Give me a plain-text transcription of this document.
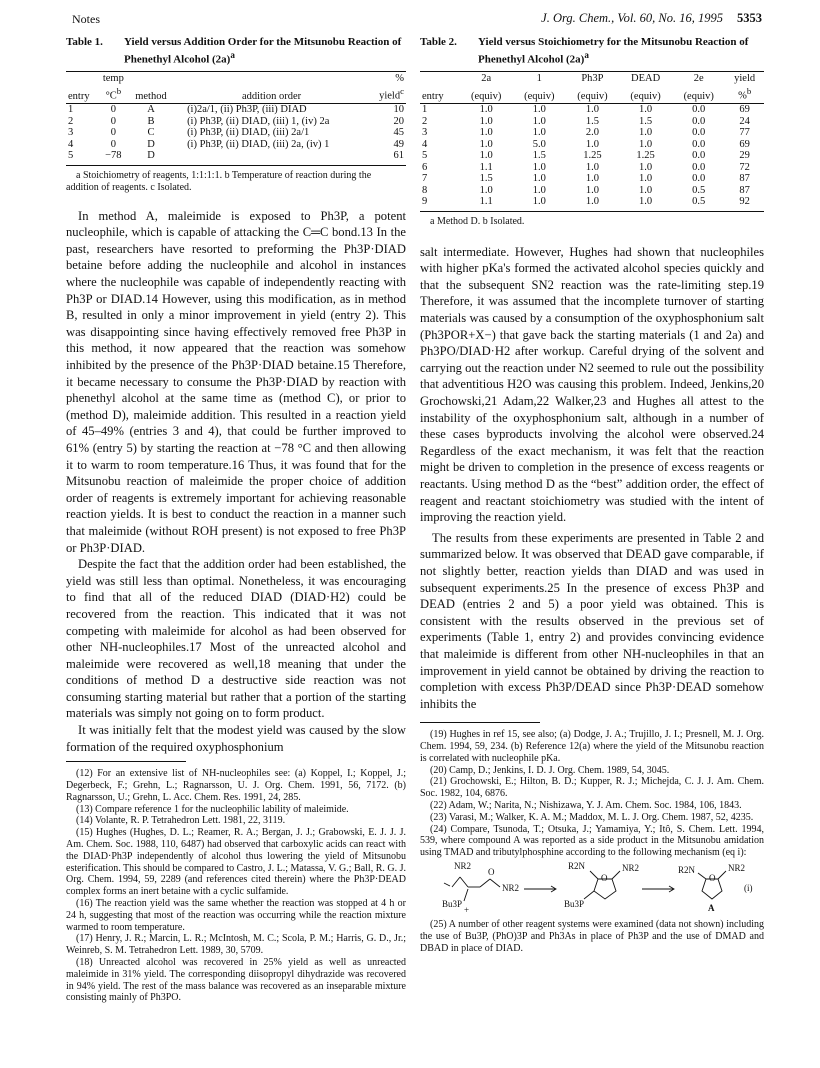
Notes	J. Org. Chem., Vol. 60, No. 16, 1995 5353
Table 1.	Yield versus Addition Order for the Mitsunobu Reaction of Phenethyl Alcohol $(2a)^a$
	temp			%
entry	$^\circ C^b$	method	addition order	yield$^c$
1	0	A	(i)2a/1, (ii) Ph3P, (iii) DIAD	10
2	0	B	(i) Ph3P, (ii) DIAD, (iii) 1, (iv) 2a	20
3	0	C	(i) Ph3P, (ii) DIAD, (iii) 2a/1	45
4	0	D	(i) Ph3P, (ii) DIAD, (iii) 2a, (iv) 1	49
5	−78	D		61
a Stoichiometry of reagents, 1:1:1:1. b Temperature of reaction during the addition of reagents. c Isolated.

In method A, maleimide is exposed to Ph3P, a potent nucleophile, which is capable of attacking the C═C bond.13 In the past, researchers have resorted to preforming the Ph3P·DIAD betaine before adding the nucleophile and alcohol in instances where the nucleophile was capable of independently reacting with Ph3P or DIAD.14 However, using this modification, as in method B, resulted in only a minor improvement in yield (entry 2). This was disappointing since having effectively removed free Ph3P in this method, it now appeared that the reaction was somehow inhibited by the presence of the Ph3P·DIAD betaine.15 Therefore, it became necessary to consume the Ph3P·DIAD by reaction with phenethyl alcohol at the same time as (method C), or prior to (method D), maleimide addition. This resulted in a reaction yield of 45–49% (entries 3 and 4), that could be further improved to 61% (entry 5) by starting the reaction at −78 °C and then allowing it to warm to room temperature.16 Thus, it was found that for the Mitsunobu reaction of maleimide the proper choice of addition order of reagents is extremely important for achieving reasonable reaction yields. It is best to conduct the reaction in a manner such that maleimide (without ROH present) is not exposed to free Ph3P or Ph3P·DIAD.

Despite the fact that the addition order had been established, the yield was still less than optimal. Nonetheless, it was encouraging to find that all of the reduced DIAD (DIAD·H2) could be recovered from the reaction. This indicated that it was not competing with maleimide for alcohol as had been observed for other NH-nucleophiles.17 Most of the unreacted alcohol and maleimide were recovered as well,18 meaning that under the conditions of method D a destructive side reaction was not consuming starting material but rather that a portion of the starting materials was simply not going on to form product.

It was initially felt that the modest yield was caused by the slow formation of the required oxyphosphonium

(12) For an extensive list of NH-nucleophiles see: (a) Koppel, I.; Koppel, J.; Degerbeck, F.; Grehn, L.; Ragnarsson, U. J. Org. Chem. 1991, 56, 7172. (b) Ragnarsson, U.; Grehn, L. Acc. Chem. Res. 1991, 24, 285.

(13) Compare reference 1 for the nucleophilic lability of maleimide.

(14) Volante, R. P. Tetrahedron Lett. 1981, 22, 3119.

(15) Hughes (Hughes, D. L.; Reamer, R. A.; Bergan, J. J.; Grabowski, E. J. J. J. Am. Chem. Soc. 1988, 110, 6487) had observed that carboxylic acids can react with the DIAD·Ph3P independently of alcohol thus lowering the yield of Mitsunobu esterification. This should be compared to Castro, J. L.; Matassa, V. G.; Ball, R. G. J. Org. Chem. 1994, 59, 2289 (and references cited therein) where the Ph3P·DEAD complex forms an inert betaine with a cyclic sulfamide.

(16) The reaction yield was the same whether the reaction was stopped at 4 h or 24 h, suggesting that most of the reaction was occurring while the reaction mixture warmed to room temperature.

(17) Henry, J. R.; Marcin, L. R.; McIntosh, M. C.; Scola, P. M.; Harris, G. D., Jr.; Weinreb, S. M. Tetrahedron Lett. 1989, 30, 5709.

(18) Unreacted alcohol was recovered in 25% yield as well as unreacted maleimide in 31% yield. The corresponding diisopropyl dihydrazide was recovered in 94% yield. The rest of the mass balance was recovered as an inseparable mixture consisting mainly of Ph3PO.

Table 2.	Yield versus Stoichiometry for the Mitsunobu Reaction of Phenethyl Alcohol $(2a)^a$
	2a	1	Ph3P	DEAD	2e	yield
entry	(equiv)	(equiv)	(equiv)	(equiv)	(equiv)	%$^b$
1	1.0	1.0	1.0	1.0	0.0	69
2	1.0	1.0	1.5	1.5	0.0	24
3	1.0	1.0	2.0	1.0	0.0	77
4	1.0	5.0	1.0	1.0	0.0	69
5	1.0	1.5	1.25	1.25	0.0	29
6	1.1	1.0	1.0	1.0	0.0	72
7	1.5	1.0	1.0	1.0	0.0	87
8	1.0	1.0	1.0	1.0	0.5	87
9	1.1	1.0	1.0	1.0	0.5	92
a Method D. b Isolated.

salt intermediate. However, Hughes had shown that nucleophiles with higher pKa's formed the activated alcohol species quickly and that the subsequent SN2 reaction was the rate-limiting step.19 Therefore, it was assumed that the incomplete turnover of starting materials was caused by a consumption of the oxyphosphonium salt (Ph3POR+X−) that gave back the starting materials (1 and 2a) and Ph3PO/DIAD·H2 after workup. Careful drying of the solvent and carrying out the reaction under N2 seemed to rule out the possibility that adventitious H2O was causing this problem. Indeed, Jenkins,20 Grochowski,21 Adam,22 Walker,23 and Hughes all attest to the instability of the oxyphosphonium salt, although in a number of these cases byproducts involving the alcohol were observed.24 Regardless of the exact mechanism, it was felt that the reaction might be driven to completion in the presence of excess reagents or reactants. Using method D as the “best” addition order, the effect of reagent and reactant stoichiometry was studied with the intent of improving the reaction yield.

The results from these experiments are presented in Table 2 and summarized below. It was observed that DEAD gave comparable, if not slightly better, reaction yields than DIAD and was used in subsequent experiments.25 In the presence of excess Ph3P and DEAD (entries 2 and 5) a poor yield was obtained. This is consistent with the results observed in the previous set of experiments (Table 1, entry 2) and provides convincing evidence that maleimide is different from other NH-nucleophiles in that an improvement in yield cannot be obtained by driving the reaction to completion with excess Ph3P/DEAD since Ph3P·DEAD somehow inhibits the

(19) Hughes in ref 15, see also; (a) Dodge, J. A.; Trujillo, J. I.; Presnell, M. J. Org. Chem. 1994, 59, 234. (b) Reference 12(a) where the yield of the Mitsunobu reaction is correlated with nucleophile pKa.

(20) Camp, D.; Jenkins, I. D. J. Org. Chem. 1989, 54, 3045.

(21) Grochowski, E.; Hilton, B. D.; Kupper, R. J.; Michejda, C. J. J. Am. Chem. Soc. 1982, 104, 6876.

(22) Adam, W.; Narita, N.; Nishizawa, Y. J. Am. Chem. Soc. 1984, 106, 1843.

(23) Varasi, M.; Walker, K. A. M.; Maddox, M. L. J. Org. Chem. 1987, 52, 4235.

(24) Compare, Tsunoda, T.; Otsuka, J.; Yamamiya, Y.; Itô, S. Chem. Lett. 1994, 539, where compound A was reported as a side product in the Mitsunobu amidation using TMAD and tributylphosphine according to the following mechanism (eq i):

NR2
O
NR2
Bu3P
+
R2N
O
NR2
Bu3P
R2N
O
NR2
A
(i)

(25) A number of other reagent systems were examined (data not shown) including the use of Bu3P, (PhO)3P and Ph3As in place of Ph3P and the use of DMAD and DBAD in place of DIAD.
